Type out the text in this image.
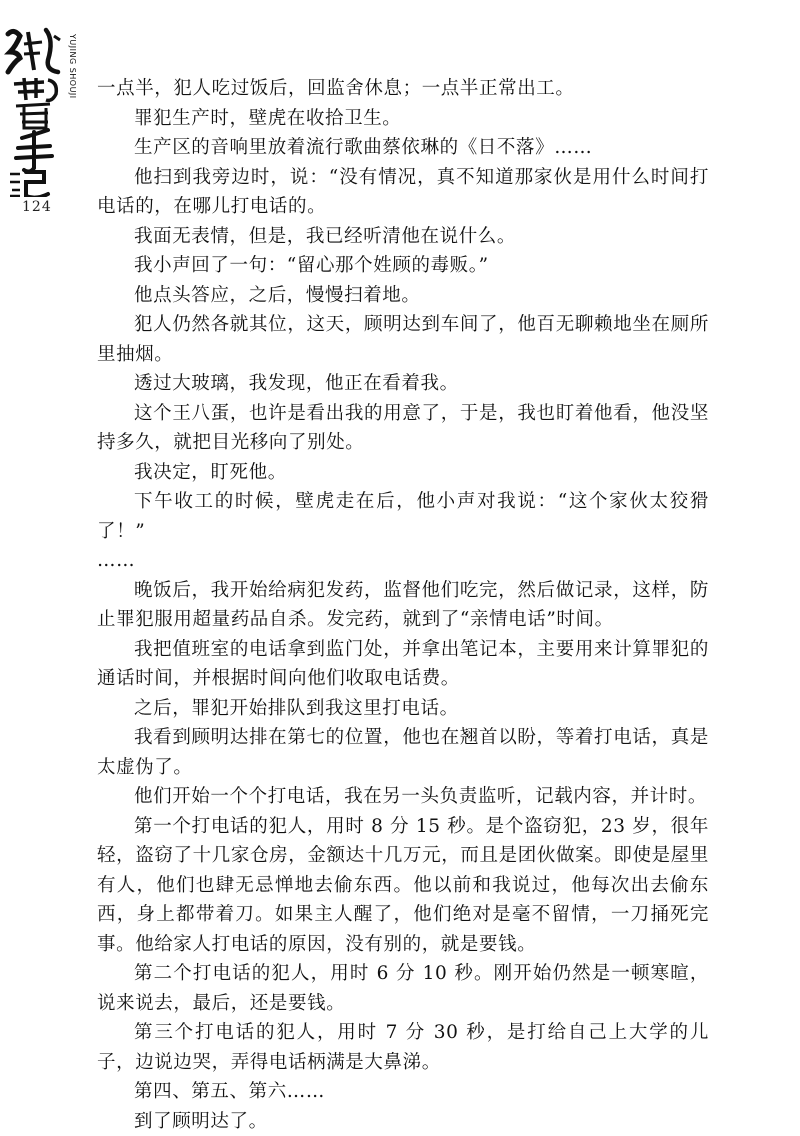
YUJING SHOUJI
124

一点半，犯人吃过饭后，回监舍休息；一点半正常出工。

罪犯生产时，壁虎在收拾卫生。

生产区的音响里放着流行歌曲蔡依琳的《日不落》……

他扫到我旁边时，说：“没有情况，真不知道那家伙是用什么时间打电话的，在哪儿打电话的。

我面无表情，但是，我已经听清他在说什么。

我小声回了一句：“留心那个姓顾的毒贩。”

他点头答应，之后，慢慢扫着地。

犯人仍然各就其位，这天，顾明达到车间了，他百无聊赖地坐在厕所里抽烟。

透过大玻璃，我发现，他正在看着我。

这个王八蛋，也许是看出我的用意了，于是，我也盯着他看，他没坚持多久，就把目光移向了别处。

我决定，盯死他。

下午收工的时候，壁虎走在后，他小声对我说：“这个家伙太狡猾了！”

……

晚饭后，我开始给病犯发药，监督他们吃完，然后做记录，这样，防止罪犯服用超量药品自杀。发完药，就到了“亲情电话”时间。

我把值班室的电话拿到监门处，并拿出笔记本，主要用来计算罪犯的通话时间，并根据时间向他们收取电话费。

之后，罪犯开始排队到我这里打电话。

我看到顾明达排在第七的位置，他也在翘首以盼，等着打电话，真是太虚伪了。

他们开始一个个打电话，我在另一头负责监听，记载内容，并计时。

第一个打电话的犯人，用时 8 分 15 秒。是个盗窃犯，23 岁，很年轻，盗窃了十几家仓房，金额达十几万元，而且是团伙做案。即使是屋里有人，他们也肆无忌惮地去偷东西。他以前和我说过，他每次出去偷东西，身上都带着刀。如果主人醒了，他们绝对是毫不留情，一刀捅死完事。他给家人打电话的原因，没有别的，就是要钱。

第二个打电话的犯人，用时 6 分 10 秒。刚开始仍然是一顿寒暄，说来说去，最后，还是要钱。

第三个打电话的犯人，用时 7 分 30 秒，是打给自己上大学的儿子，边说边哭，弄得电话柄满是大鼻涕。

第四、第五、第六……

到了顾明达了。
